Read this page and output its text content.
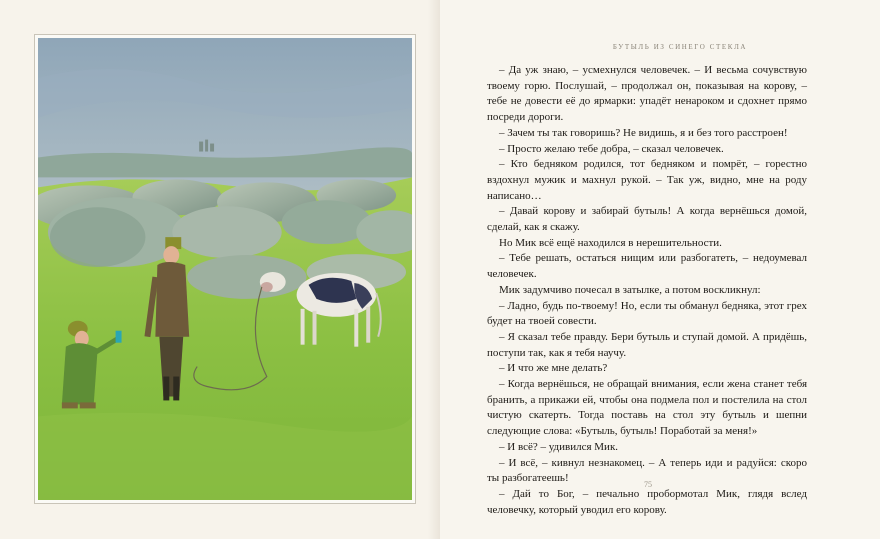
БУТЫЛЬ ИЗ СИНЕГО СТЕКЛА

– Да уж знаю, – усмехнулся человечек. – И весьма сочувствую твоему горю. Послушай, – продолжал он, показывая на корову, – тебе не довести её до ярмарки: упадёт ненароком и сдохнет прямо посреди дороги.

– Зачем ты так говоришь? Не видишь, я и без того расстроен!

– Просто желаю тебе добра, – сказал человечек.

– Кто бедняком родился, тот бедняком и помрёт, – горестно вздохнул мужик и махнул рукой. – Так уж, видно, мне на роду написано…

– Давай корову и забирай бутыль! А когда вернёшься домой, сделай, как я скажу.

Но Мик всё ещё находился в нерешительности.

– Тебе решать, остаться нищим или разбогатеть, – недоумевал человечек.

Мик задумчиво почесал в затылке, а потом воскликнул:

– Ладно, будь по-твоему! Но, если ты обманул бедняка, этот грех будет на твоей совести.

– Я сказал тебе правду. Бери бутыль и ступай домой. А придёшь, поступи так, как я тебя научу.

– И что же мне делать?

– Когда вернёшься, не обращай внимания, если жена станет тебя бранить, а прикажи ей, чтобы она подмела пол и постелила на стол чистую скатерть. Тогда поставь на стол эту бутыль и шепни следующие слова: «Бутыль, бутыль! Поработай за меня!»

– И всё? – удивился Мик.

– И всё, – кивнул незнакомец. – А теперь иди и радуйся: скоро ты разбогатеешь!

– Дай то Бог, – печально пробормотал Мик, глядя вслед человечку, который уводил его корову.

75
